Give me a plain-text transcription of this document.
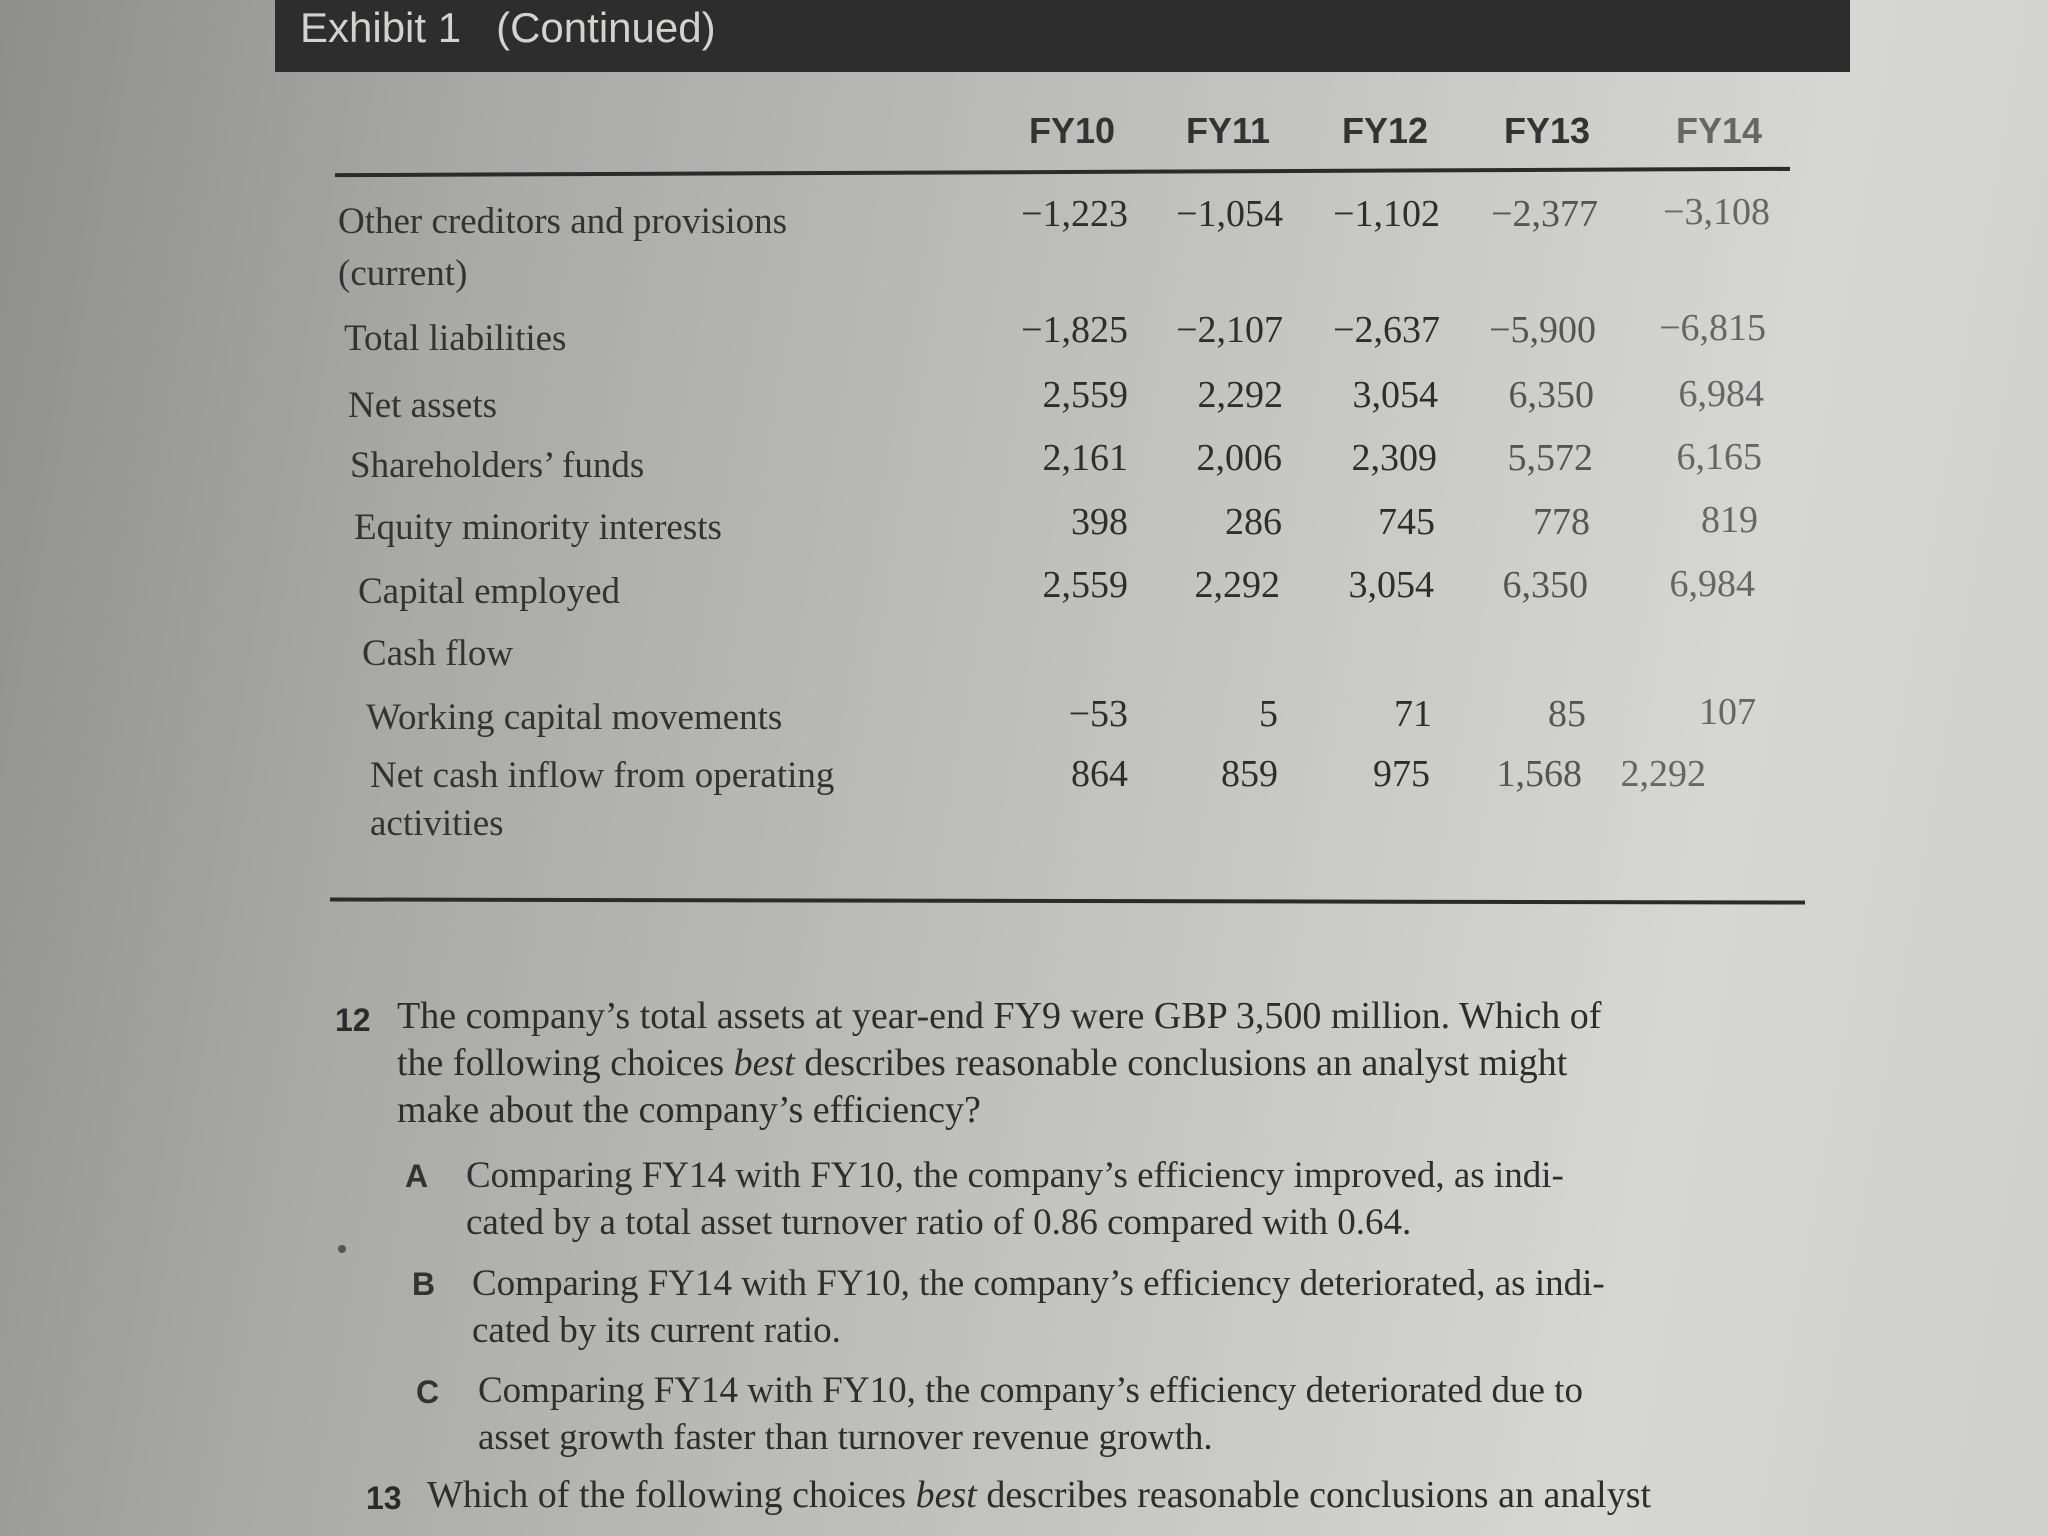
Exhibit 1 (Continued)
FY10	FY11	FY12	FY13	FY14
Other creditors and provisions
(current)
−1,223	−1,054	−1,102	−2,377	−3,108
Total liabilities	−1,825	−2,107	−2,637	−5,900	−6,815
Net assets	2,559	2,292	3,054	6,350	6,984
Shareholders’ funds	2,161	2,006	2,309	5,572	6,165
Equity minority interests	398	286	745	778	819
Capital employed	2,559	2,292	3,054	6,350	6,984
Cash flow
Working capital movements	−53	5	71	85	107
Net cash inflow from operating
activities
864	859	975	1,568	2,292
12 The company’s total assets at year-end FY9 were GBP 3,500 million. Which of
the following choices best describes reasonable conclusions an analyst might
make about the company’s efficiency?
A Comparing FY14 with FY10, the company’s efficiency improved, as indi-
cated by a total asset turnover ratio of 0.86 compared with 0.64.
B Comparing FY14 with FY10, the company’s efficiency deteriorated, as indi-
cated by its current ratio.
C Comparing FY14 with FY10, the company’s efficiency deteriorated due to
asset growth faster than turnover revenue growth.
13 Which of the following choices best describes reasonable conclusions an analyst
